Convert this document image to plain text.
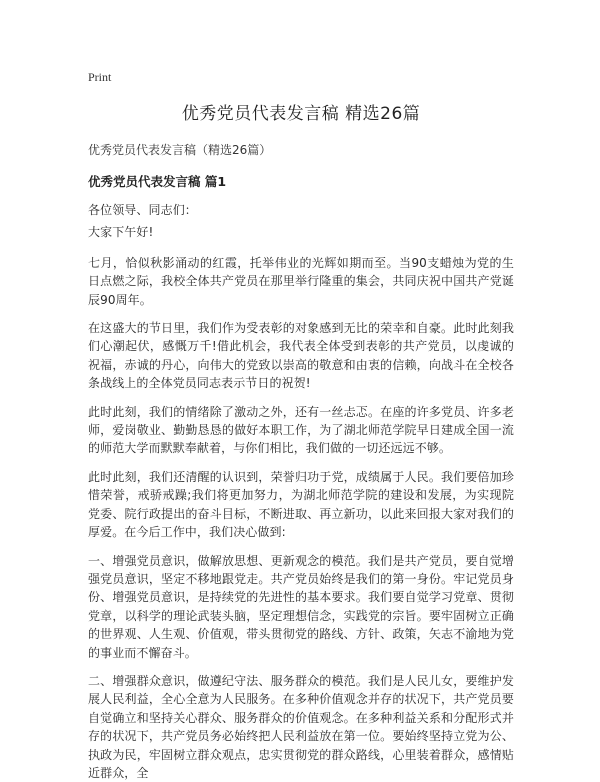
Print
优秀党员代表发言稿 精选26篇
优秀党员代表发言稿（精选26篇）
优秀党员代表发言稿 篇1

各位领导、同志们：

大家下午好!

七月，恰似秋影涌动的红霞，托举伟业的光辉如期而至。当90支蜡烛为党的生日点燃之际，我校全体共产党员在那里举行隆重的集会，共同庆祝中国共产党诞辰90周年。

在这盛大的节日里，我们作为受表彰的对象感到无比的荣幸和自豪。此时此刻我们心潮起伏，感慨万千!借此机会，我代表全体受到表彰的共产党员，以虔诚的祝福，赤诚的丹心，向伟大的党致以崇高的敬意和由衷的信赖，向战斗在全校各条战线上的全体党员同志表示节日的祝贺!

此时此刻，我们的情绪除了激动之外，还有一丝忐忑。在座的许多党员、许多老师，爱岗敬业、勤勤恳恳的做好本职工作，为了湖北师范学院早日建成全国一流的师范大学而默默奉献着，与你们相比，我们做的一切还远远不够。

此时此刻，我们还清醒的认识到，荣誉归功于党，成绩属于人民。我们要倍加珍惜荣誉，戒骄戒躁;我们将更加努力，为湖北师范学院的建设和发展，为实现院党委、院行政提出的奋斗目标，不断进取、再立新功，以此来回报大家对我们的厚爱。在今后工作中，我们决心做到:

一、增强党员意识，做解放思想、更新观念的模范。我们是共产党员，要自觉增强党员意识，坚定不移地跟党走。共产党员始终是我们的第一身份。牢记党员身份、增强党员意识，是持续党的先进性的基本要求。我们要自觉学习党章、贯彻党章，以科学的理论武装头脑，坚定理想信念，实践党的宗旨。要牢固树立正确的世界观、人生观、价值观，带头贯彻党的路线、方针、政策，矢志不渝地为党的事业而不懈奋斗。

二、增强群众意识，做遵纪守法、服务群众的模范。我们是人民儿女，要维护发展人民利益，全心全意为人民服务。在多种价值观念并存的状况下，共产党员要自觉确立和坚持关心群众、服务群众的价值观念。在多种利益关系和分配形式并存的状况下，共产党员务必始终把人民利益放在第一位。要始终坚持立党为公、执政为民，牢固树立群众观点，忠实贯彻党的群众路线，心里装着群众，感情贴近群众，全
